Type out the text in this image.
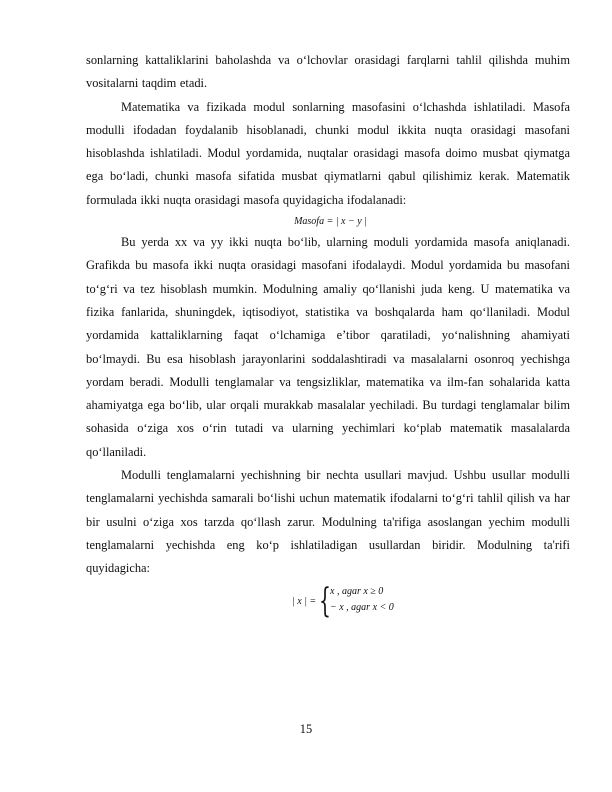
sonlarning kattaliklarini baholashda va o‘lchovlar orasidagi farqlarni tahlil qilishda muhim vositalarni taqdim etadi.

Matematika va fizikada modul sonlarning masofasini o‘lchashda ishlatiladi. Masofa modulli ifodadan foydalanib hisoblanadi, chunki modul ikkita nuqta orasidagi masofani hisoblashda ishlatiladi. Modul yordamida, nuqtalar orasidagi masofa doimo musbat qiymatga ega bo‘ladi, chunki masofa sifatida musbat qiymatlarni qabul qilishimiz kerak. Matematik formulada ikki nuqta orasidagi masofa quyidagicha ifodalanadi:

Masofa = | x − y |

Bu yerda xx va yy ikki nuqta bo‘lib, ularning moduli yordamida masofa aniqlanadi. Grafikda bu masofa ikki nuqta orasidagi masofani ifodalaydi. Modul yordamida bu masofani to‘g‘ri va tez hisoblash mumkin. Modulning amaliy qo‘llanishi juda keng. U matematika va fizika fanlarida, shuningdek, iqtisodiyot, statistika va boshqalarda ham qo‘llaniladi. Modul yordamida kattaliklarning faqat o‘lchamiga e’tibor qaratiladi, yo‘nalishning ahamiyati bo‘lmaydi. Bu esa hisoblash jarayonlarini soddalashtiradi va masalalarni osonroq yechishga yordam beradi. Modulli tenglamalar va tengsizliklar, matematika va ilm-fan sohalarida katta ahamiyatga ega bo‘lib, ular orqali murakkab masalalar yechiladi. Bu turdagi tenglamalar bilim sohasida o‘ziga xos o‘rin tutadi va ularning yechimlari ko‘plab matematik masalalarda qo‘llaniladi.

Modulli tenglamalarni yechishning bir nechta usullari mavjud. Ushbu usullar modulli tenglamalarni yechishda samarali bo‘lishi uchun matematik ifodalarni to‘g‘ri tahlil qilish va har bir usulni o‘ziga xos tarzda qo‘llash zarur. Modulning ta'rifiga asoslangan yechim modulli tenglamalarni yechishda eng ko‘p ishlatiladigan usullardan biridir. Modulning ta'rifi quyidagicha:

| x | = { x , agar x ≥ 0
− x , agar x < 0
15
